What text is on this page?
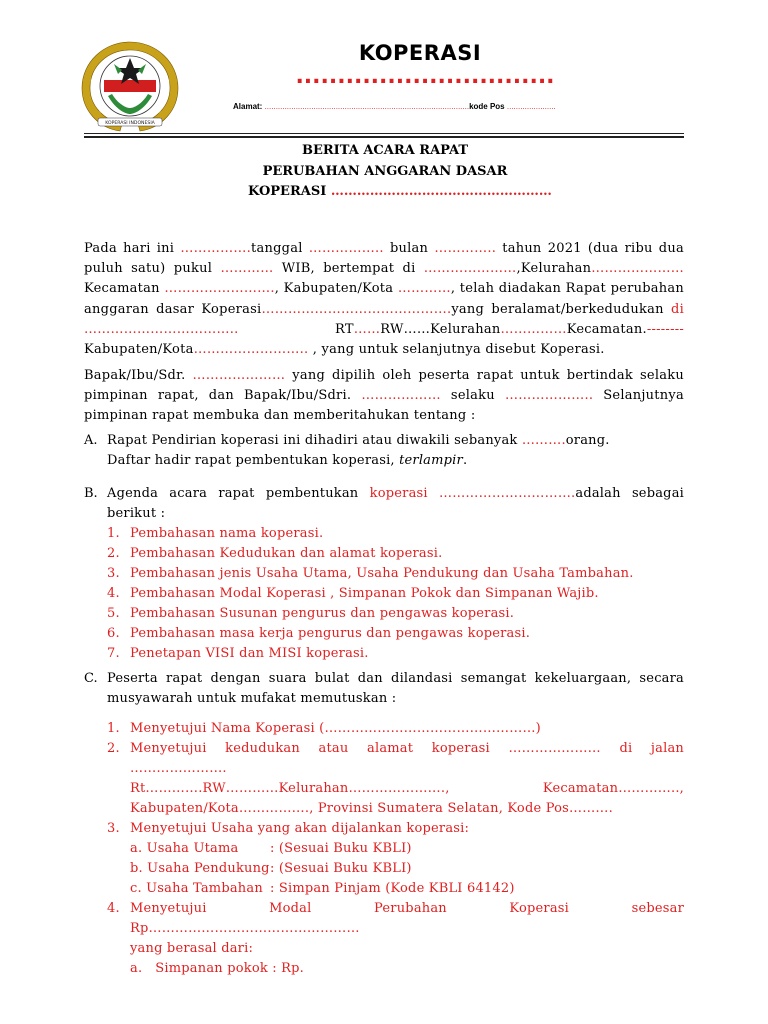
KOPERASI INDONESIA
KOPERASI
...............................
Alamat: ............................................................................................kode Pos ......................
BERITA ACARA RAPAT
PERUBAHAN ANGGARAN DASAR
KOPERASI ……………………………………………
Pada hari ini …………….tanggal …………….. bulan ………….. tahun 2021 (dua ribu dua puluh satu) pukul ………… WIB, bertempat di …………………,Kelurahan………………… Kecamatan ……………………., Kabupaten/Kota …………, telah diadakan Rapat perubahan anggaran dasar Koperasi…………………………………….yang beralamat/berkedudukan di …………………………….. RT……RW……Kelurahan……………Kecamatan.--------Kabupaten/Kota…………………….. , yang untuk selanjutnya disebut Koperasi.
Bapak/Ibu/Sdr. ………………… yang dipilih oleh peserta rapat untuk bertindak selaku pimpinan rapat, dan Bapak/Ibu/Sdri. ……………… selaku ……………….. Selanjutnya pimpinan rapat membuka dan memberitahukan tentang :
A. Rapat Pendirian koperasi ini dihadiri atau diwakili sebanyak ……….orang.
Daftar hadir rapat pembentukan koperasi, terlampir.
B. Agenda acara rapat pembentukan koperasi ………………………….adalah sebagai berikut :
1. Pembahasan nama koperasi.
2. Pembahasan Kedudukan dan alamat koperasi.
3. Pembahasan jenis Usaha Utama, Usaha Pendukung dan Usaha Tambahan.
4. Pembahasan Modal Koperasi , Simpanan Pokok dan Simpanan Wajib.
5. Pembahasan Susunan pengurus dan pengawas koperasi.
6. Pembahasan masa kerja pengurus dan pengawas koperasi.
7. Penetapan VISI dan MISI koperasi.
C. Peserta rapat dengan suara bulat dan dilandasi semangat kekeluargaan, secara musyawarah untuk mufakat memutuskan :
1. Menyetujui Nama Koperasi (…………………………………………)
2. Menyetujui kedudukan atau alamat koperasi ………………… di jalan ………………….
Rt………….RW…………Kelurahan………………….,	Kecamatan…………..,
Kabupaten/Kota……………., Provinsi Sumatera Selatan, Kode Pos……….
3. Menyetujui Usaha yang akan dijalankan koperasi:
a. Usaha Utama	: (Sesuai Buku KBLI)
b. Usaha Pendukung : (Sesuai Buku KBLI)
c. Usaha Tambahan : Simpan Pinjam (Kode KBLI 64142)
4. Menyetujui Modal Perubahan Koperasi sebesar Rp…………………………………………
yang berasal dari:
a. Simpanan pokok : Rp.
